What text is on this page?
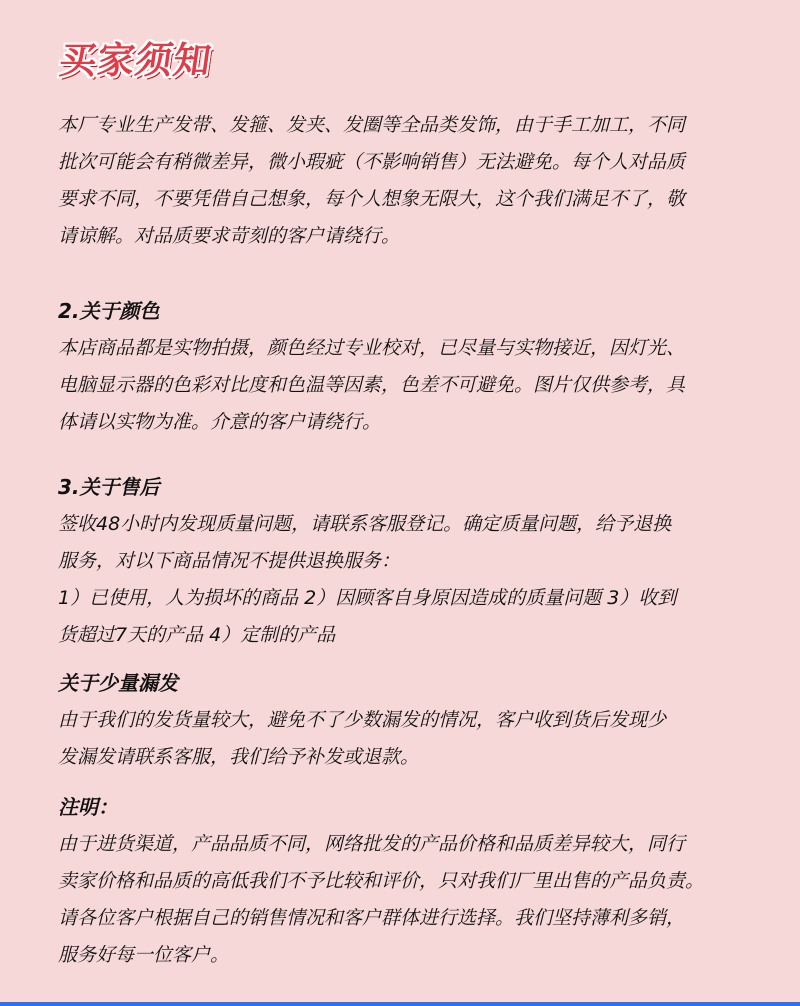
买家须知

本厂专业生产发带、发箍、发夹、发圈等全品类发饰，由于手工加工，不同
批次可能会有稍微差异，微小瑕疵（不影响销售）无法避免。每个人对品质
要求不同，不要凭借自己想象，每个人想象无限大，这个我们满足不了，敬
请谅解。对品质要求苛刻的客户请绕行。

2.关于颜色

本店商品都是实物拍摄，颜色经过专业校对，已尽量与实物接近，因灯光、
电脑显示器的色彩对比度和色温等因素，色差不可避免。图片仅供参考，具
体请以实物为准。介意的客户请绕行。

3.关于售后

签收48小时内发现质量问题，请联系客服登记。确定质量问题，给予退换
服务，对以下商品情况不提供退换服务：
1）已使用，人为损坏的商品 2）因顾客自身原因造成的质量问题 3）收到
货超过7天的产品 4）定制的产品

关于少量漏发

由于我们的发货量较大，避免不了少数漏发的情况，客户收到货后发现少
发漏发请联系客服，我们给予补发或退款。

注明：

由于进货渠道，产品品质不同，网络批发的产品价格和品质差异较大，同行
卖家价格和品质的高低我们不予比较和评价，只对我们厂里出售的产品负责。
请各位客户根据自己的销售情况和客户群体进行选择。我们坚持薄利多销，
服务好每一位客户。
